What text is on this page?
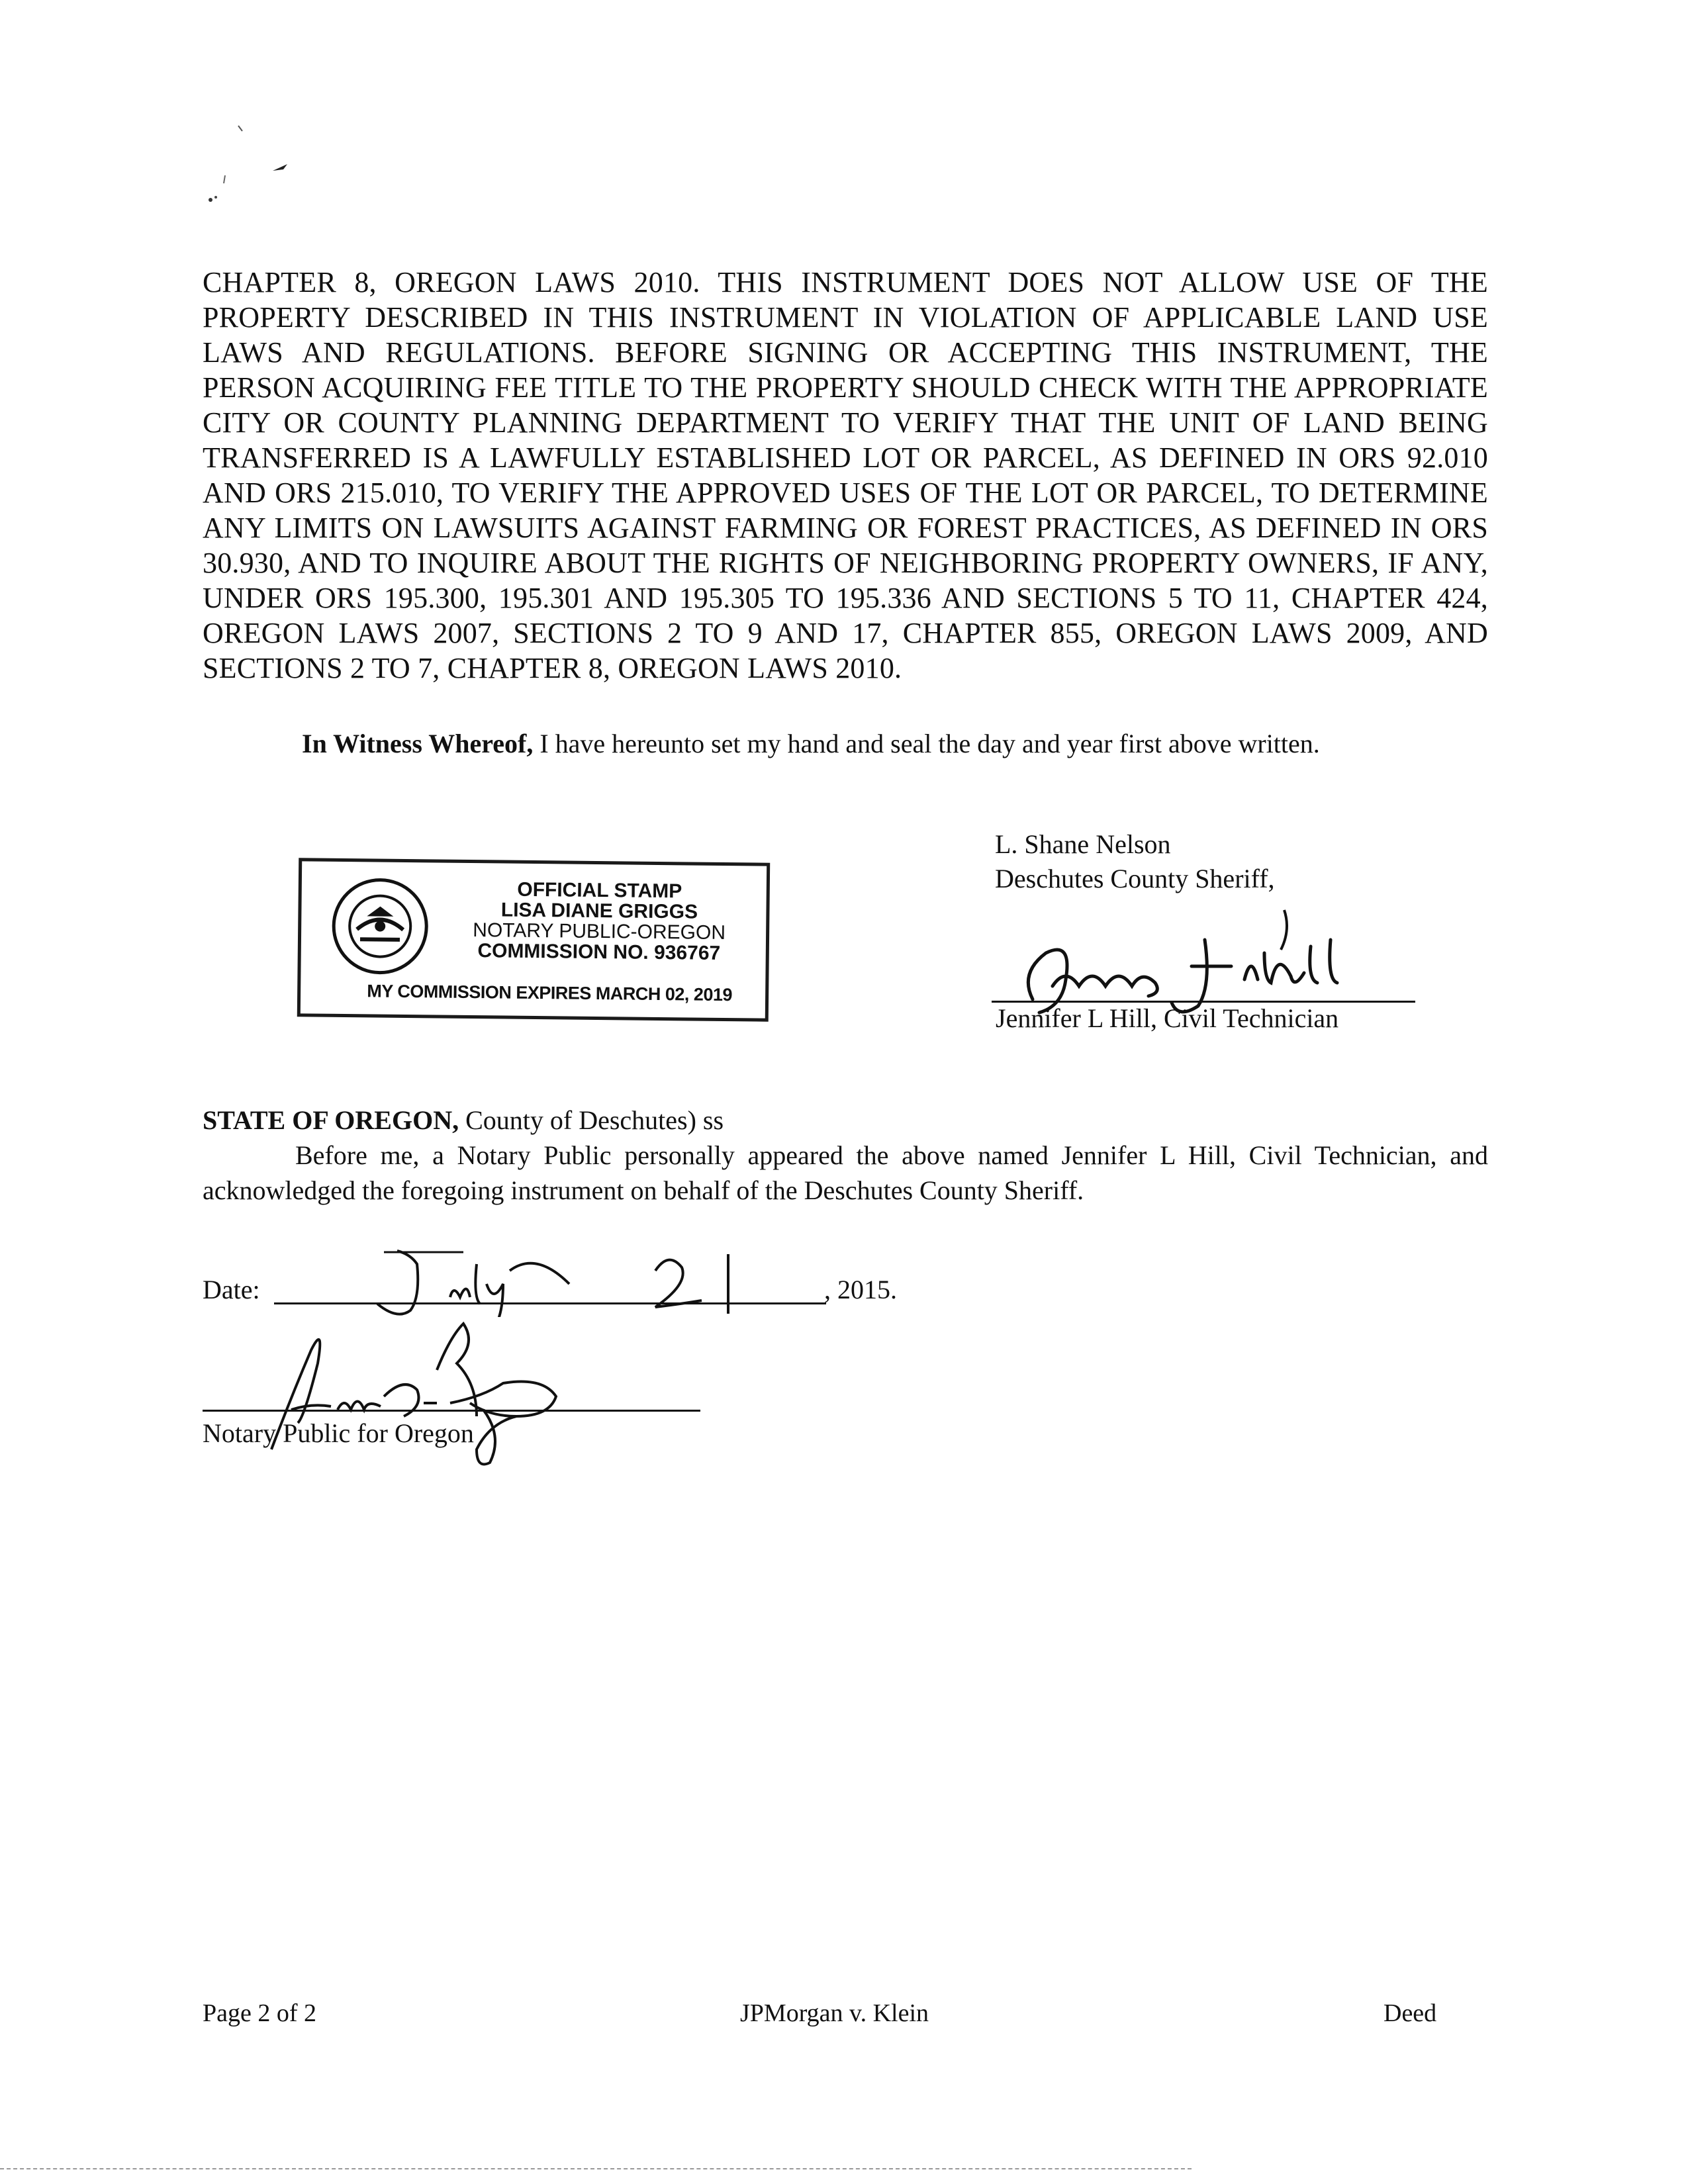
CHAPTER 8, OREGON LAWS 2010. THIS INSTRUMENT DOES NOT ALLOW USE OF THE PROPERTY DESCRIBED IN THIS INSTRUMENT IN VIOLATION OF APPLICABLE LAND USE LAWS AND REGULATIONS. BEFORE SIGNING OR ACCEPTING THIS INSTRUMENT, THE PERSON ACQUIRING FEE TITLE TO THE PROPERTY SHOULD CHECK WITH THE APPROPRIATE CITY OR COUNTY PLANNING DEPARTMENT TO VERIFY THAT THE UNIT OF LAND BEING TRANSFERRED IS A LAWFULLY ESTABLISHED LOT OR PARCEL, AS DEFINED IN ORS 92.010 AND ORS 215.010, TO VERIFY THE APPROVED USES OF THE LOT OR PARCEL, TO DETERMINE ANY LIMITS ON LAWSUITS AGAINST FARMING OR FOREST PRACTICES, AS DEFINED IN ORS 30.930, AND TO INQUIRE ABOUT THE RIGHTS OF NEIGHBORING PROPERTY OWNERS, IF ANY, UNDER ORS 195.300, 195.301 AND 195.305 TO 195.336 AND SECTIONS 5 TO 11, CHAPTER 424, OREGON LAWS 2007, SECTIONS 2 TO 9 AND 17, CHAPTER 855, OREGON LAWS 2009, AND SECTIONS 2 TO 7, CHAPTER 8, OREGON LAWS 2010.

In Witness Whereof, I have hereunto set my hand and seal the day and year first above written.

OFFICIAL STAMP
LISA DIANE GRIGGS
NOTARY PUBLIC-OREGON
COMMISSION NO. 936767
MY COMMISSION EXPIRES MARCH 02, 2019
L. Shane Nelson
Deschutes County Sheriff,
Jennifer L Hill, Civil Technician
STATE OF OREGON, County of Deschutes) ss
Before me, a Notary Public personally appeared the above named Jennifer L Hill, Civil Technician, and acknowledged the foregoing instrument on behalf of the Deschutes County Sheriff.
Date:	, 2015.
Notary Public for Oregon
Page 2 of 2	JPMorgan v. Klein	Deed
